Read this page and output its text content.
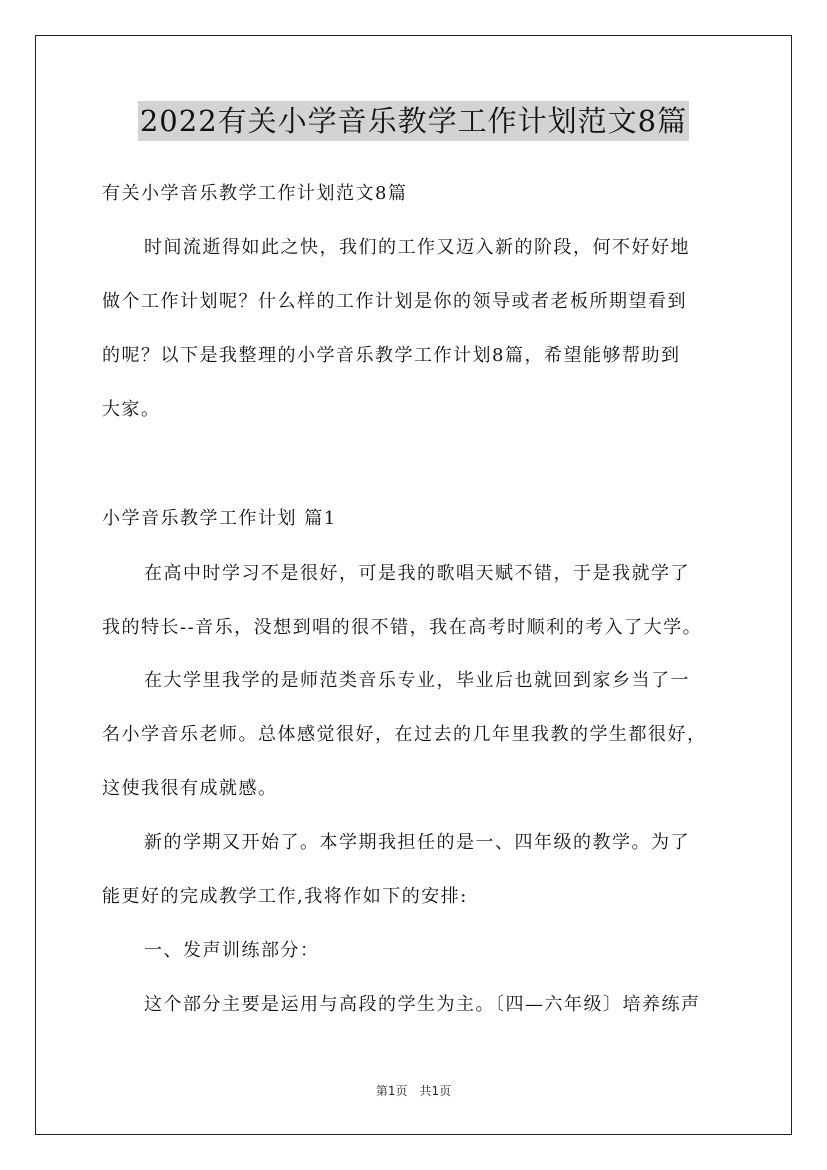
2022有关小学音乐教学工作计划范文8篇
有关小学音乐教学工作计划范文8篇
时间流逝得如此之快，我们的工作又迈入新的阶段，何不好好地
做个工作计划呢？什么样的工作计划是你的领导或者老板所期望看到
的呢？以下是我整理的小学音乐教学工作计划8篇，希望能够帮助到
大家。
小学音乐教学工作计划 篇1
在高中时学习不是很好，可是我的歌唱天赋不错，于是我就学了
我的特长--音乐，没想到唱的很不错，我在高考时顺利的考入了大学。
在大学里我学的是师范类音乐专业，毕业后也就回到家乡当了一
名小学音乐老师。总体感觉很好，在过去的几年里我教的学生都很好，
这使我很有成就感。
新的学期又开始了。本学期我担任的是一、四年级的教学。为了
能更好的完成教学工作,我将作如下的安排:
一、发声训练部分：
这个部分主要是运用与高段的学生为主。〔四—六年级〕培养练声
第1页　共1页
